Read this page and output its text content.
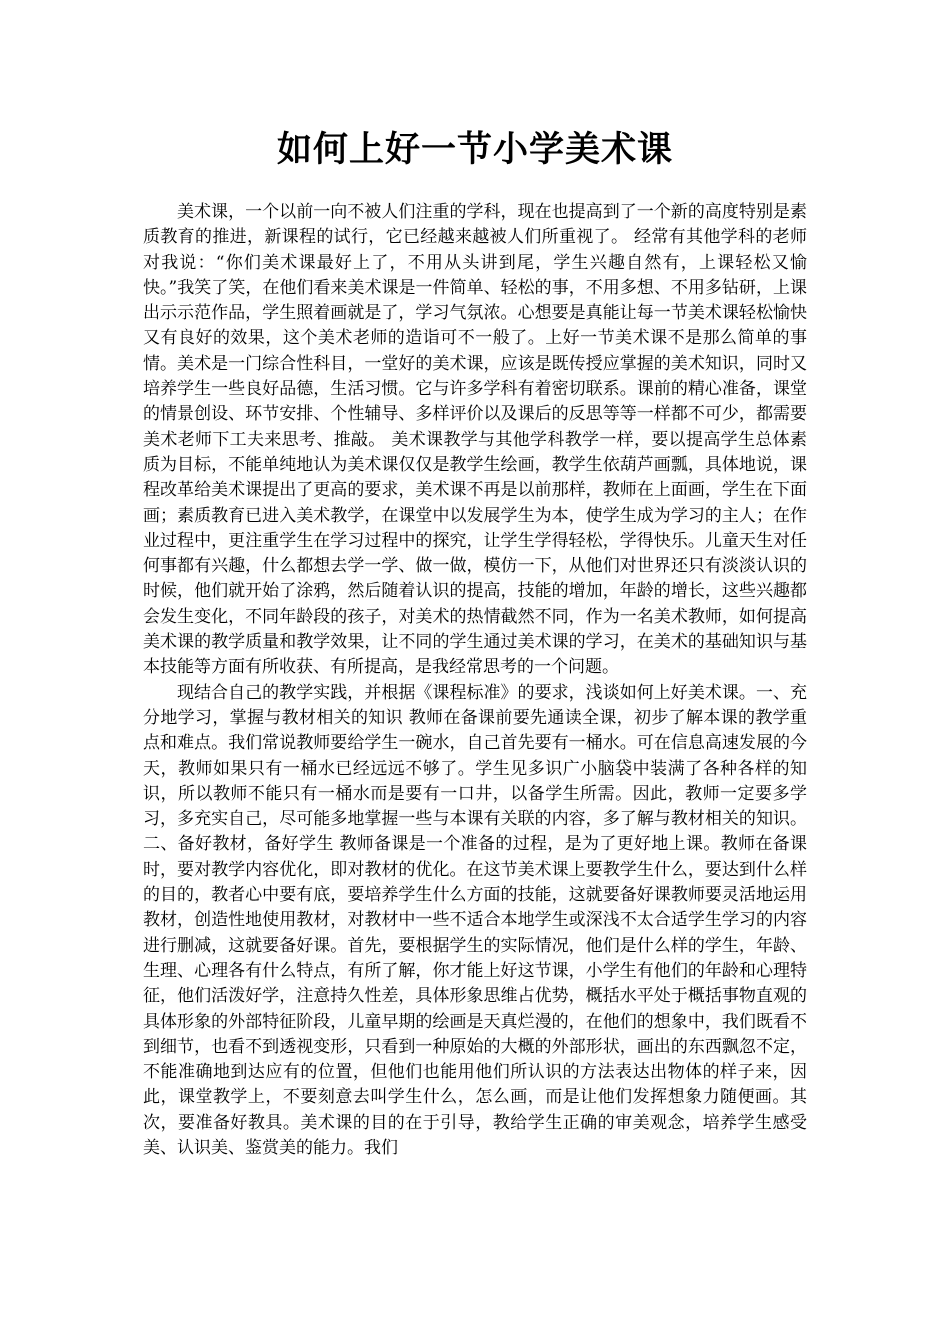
如何上好一节小学美术课

美术课，一个以前一向不被人们注重的学科，现在也提高到了一个新的高度特别是素质教育的推进，新课程的试行，它已经越来越被人们所重视了。 经常有其他学科的老师对我说：“你们美术课最好上了，不用从头讲到尾，学生兴趣自然有，上课轻松又愉快。”我笑了笑，在他们看来美术课是一件简单、轻松的事，不用多想、不用多钻研，上课出示示范作品，学生照着画就是了，学习气氛浓。心想要是真能让每一节美术课轻松愉快又有良好的效果，这个美术老师的造诣可不一般了。上好一节美术课不是那么简单的事情。美术是一门综合性科目，一堂好的美术课，应该是既传授应掌握的美术知识，同时又培养学生一些良好品德，生活习惯。它与许多学科有着密切联系。课前的精心准备，课堂的情景创设、环节安排、个性辅导、多样评价以及课后的反思等等一样都不可少，都需要美术老师下工夫来思考、推敲。 美术课教学与其他学科教学一样，要以提高学生总体素质为目标，不能单纯地认为美术课仅仅是教学生绘画，教学生依葫芦画瓢，具体地说，课程改革给美术课提出了更高的要求，美术课不再是以前那样，教师在上面画，学生在下面画；素质教育已进入美术教学，在课堂中以发展学生为本，使学生成为学习的主人；在作业过程中，更注重学生在学习过程中的探究，让学生学得轻松，学得快乐。儿童天生对任何事都有兴趣，什么都想去学一学、做一做，模仿一下，从他们对世界还只有淡淡认识的时候，他们就开始了涂鸦，然后随着认识的提高，技能的增加，年龄的增长，这些兴趣都会发生变化，不同年龄段的孩子，对美术的热情截然不同，作为一名美术教师，如何提高美术课的教学质量和教学效果，让不同的学生通过美术课的学习，在美术的基础知识与基本技能等方面有所收获、有所提高，是我经常思考的一个问题。

现结合自己的教学实践，并根据《课程标准》的要求，浅谈如何上好美术课。一、充分地学习，掌握与教材相关的知识 教师在备课前要先通读全课，初步了解本课的教学重点和难点。我们常说教师要给学生一碗水，自己首先要有一桶水。可在信息高速发展的今天，教师如果只有一桶水已经远远不够了。学生见多识广小脑袋中装满了各种各样的知识，所以教师不能只有一桶水而是要有一口井，以备学生所需。因此，教师一定要多学习，多充实自己，尽可能多地掌握一些与本课有关联的内容，多了解与教材相关的知识。 二、备好教材，备好学生 教师备课是一个准备的过程，是为了更好地上课。教师在备课时，要对教学内容优化，即对教材的优化。在这节美术课上要教学生什么，要达到什么样的目的，教者心中要有底，要培养学生什么方面的技能，这就要备好课教师要灵活地运用教材，创造性地使用教材，对教材中一些不适合本地学生或深浅不太合适学生学习的内容进行删减，这就要备好课。首先，要根据学生的实际情况，他们是什么样的学生，年龄、生理、心理各有什么特点，有所了解，你才能上好这节课，小学生有他们的年龄和心理特征，他们活泼好学，注意持久性差，具体形象思维占优势，概括水平处于概括事物直观的具体形象的外部特征阶段，儿童早期的绘画是天真烂漫的，在他们的想象中，我们既看不到细节，也看不到透视变形，只看到一种原始的大概的外部形状，画出的东西飘忽不定，不能准确地到达应有的位置，但他们也能用他们所认识的方法表达出物体的样子来，因此，课堂教学上，不要刻意去叫学生什么，怎么画，而是让他们发挥想象力随便画。其次，要准备好教具。美术课的目的在于引导，教给学生正确的审美观念，培养学生感受美、认识美、鉴赏美的能力。我们
